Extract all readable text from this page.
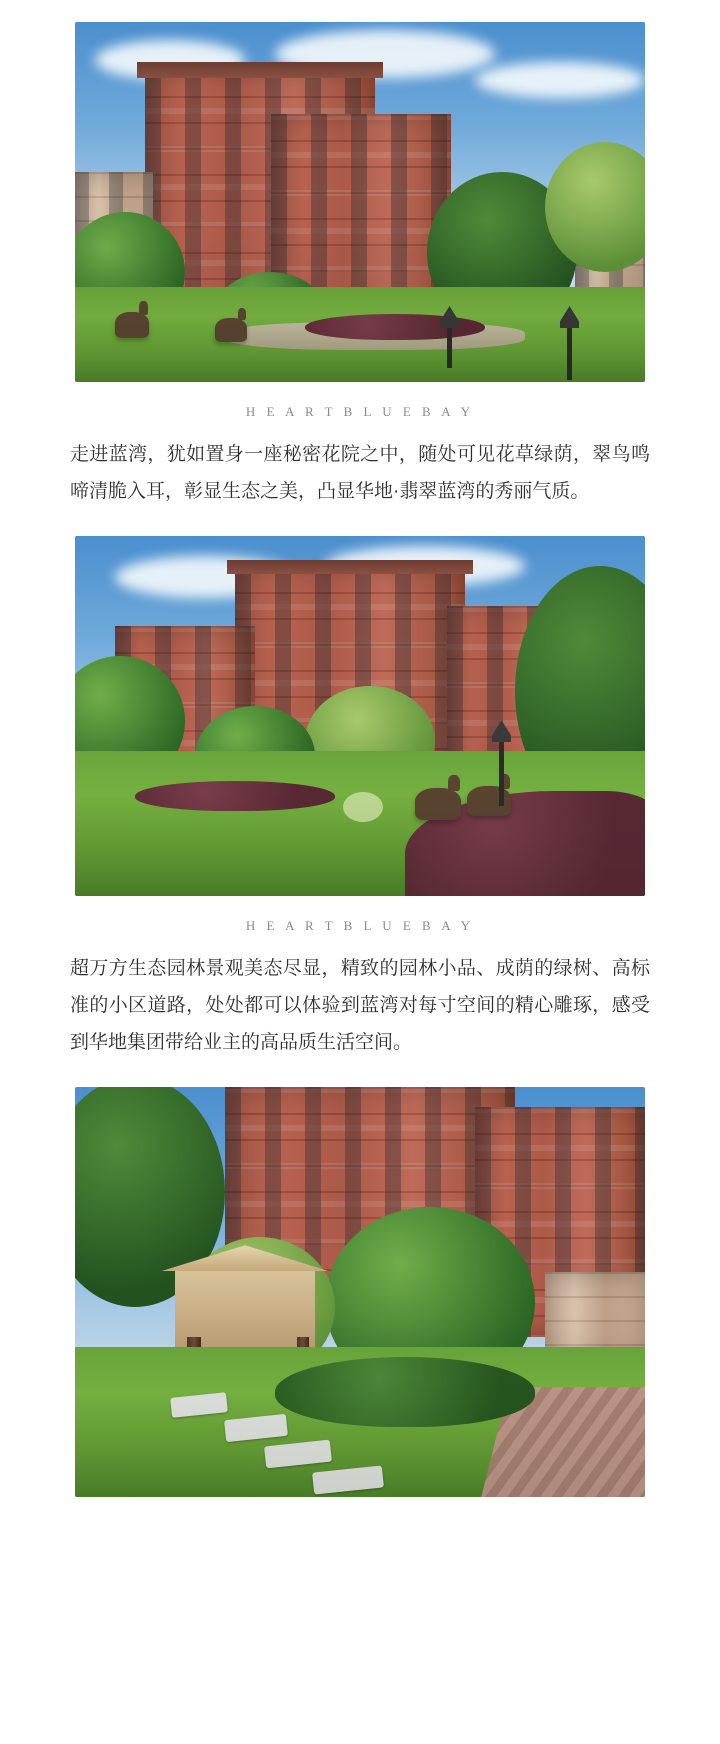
H E A R T B L U E B A Y

走进蓝湾，犹如置身一座秘密花院之中，随处可见花草绿荫，翠鸟鸣啼清脆入耳，彰显生态之美，凸显华地·翡翠蓝湾的秀丽气质。

H E A R T B L U E B A Y

超万方生态园林景观美态尽显，精致的园林小品、成荫的绿树、高标准的小区道路，处处都可以体验到蓝湾对每寸空间的精心雕琢，感受到华地集团带给业主的高品质生活空间。
